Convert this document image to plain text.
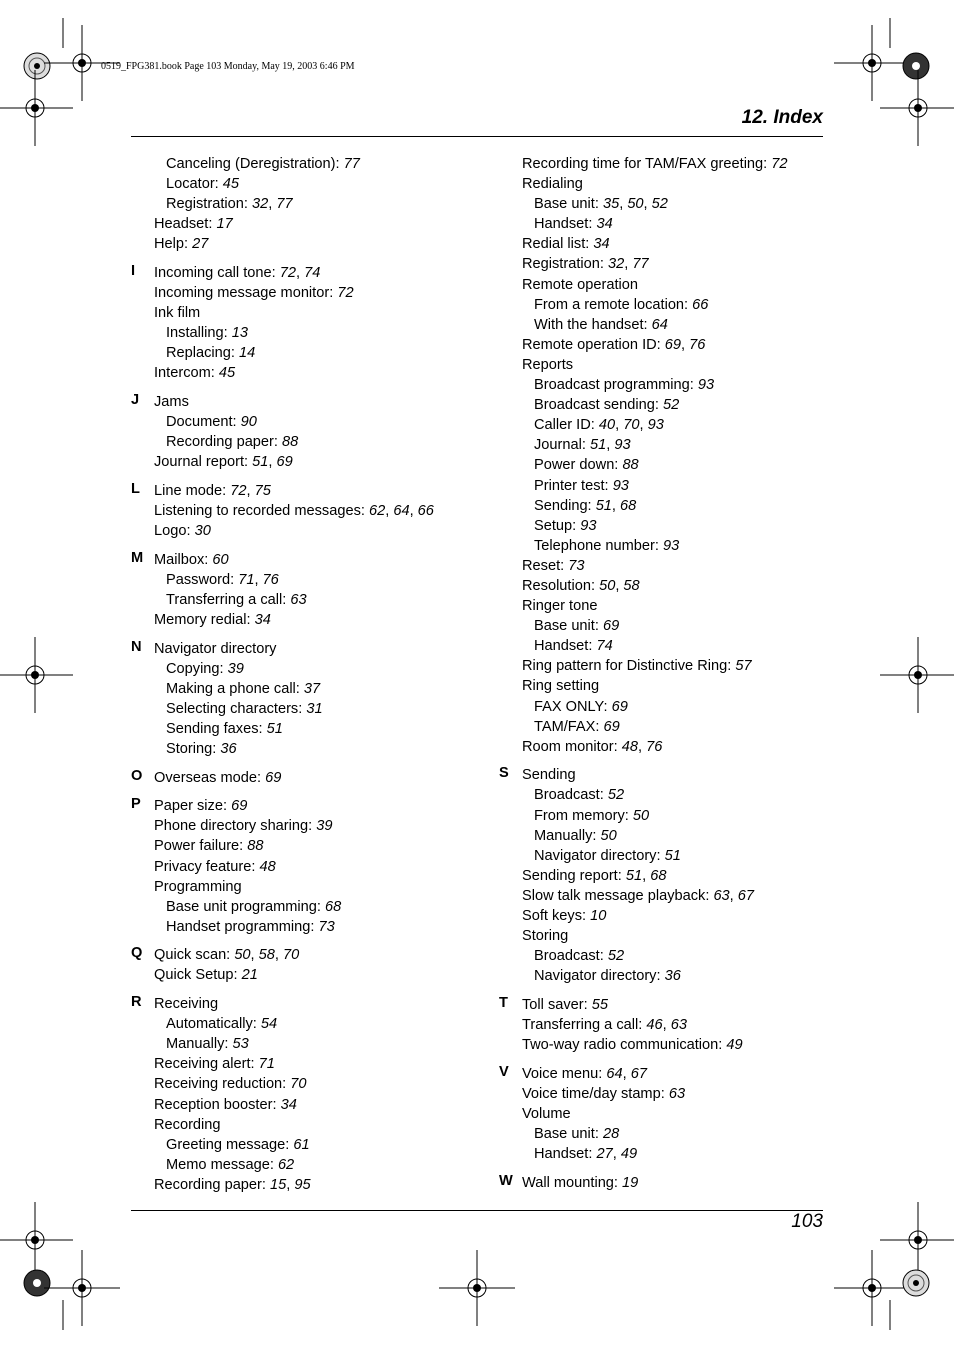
0519_FPG381.book Page 103 Monday, May 19, 2003 6:46 PM
12. Index
Canceling (Deregistration): 77
Locator: 45
Registration: 32, 77
Headset: 17
Help: 27
I Incoming call tone: 72, 74
Incoming message monitor: 72
Ink film
Installing: 13
Replacing: 14
Intercom: 45
J Jams
Document: 90
Recording paper: 88
Journal report: 51, 69
L Line mode: 72, 75
Listening to recorded messages: 62, 64, 66
Logo: 30
M Mailbox: 60
Password: 71, 76
Transferring a call: 63
Memory redial: 34
N Navigator directory
Copying: 39
Making a phone call: 37
Selecting characters: 31
Sending faxes: 51
Storing: 36
O Overseas mode: 69
P Paper size: 69
Phone directory sharing: 39
Power failure: 88
Privacy feature: 48
Programming
Base unit programming: 68
Handset programming: 73
Q Quick scan: 50, 58, 70
Quick Setup: 21
R Receiving
Automatically: 54
Manually: 53
Receiving alert: 71
Receiving reduction: 70
Reception booster: 34
Recording
Greeting message: 61
Memo message: 62
Recording paper: 15, 95
Recording time for TAM/FAX greeting: 72
Redialing
Base unit: 35, 50, 52
Handset: 34
Redial list: 34
Registration: 32, 77
Remote operation
From a remote location: 66
With the handset: 64
Remote operation ID: 69, 76
Reports
Broadcast programming: 93
Broadcast sending: 52
Caller ID: 40, 70, 93
Journal: 51, 93
Power down: 88
Printer test: 93
Sending: 51, 68
Setup: 93
Telephone number: 93
Reset: 73
Resolution: 50, 58
Ringer tone
Base unit: 69
Handset: 74
Ring pattern for Distinctive Ring: 57
Ring setting
FAX ONLY: 69
TAM/FAX: 69
Room monitor: 48, 76
S Sending
Broadcast: 52
From memory: 50
Manually: 50
Navigator directory: 51
Sending report: 51, 68
Slow talk message playback: 63, 67
Soft keys: 10
Storing
Broadcast: 52
Navigator directory: 36
T Toll saver: 55
Transferring a call: 46, 63
Two-way radio communication: 49
V Voice menu: 64, 67
Voice time/day stamp: 63
Volume
Base unit: 28
Handset: 27, 49
W Wall mounting: 19
103
